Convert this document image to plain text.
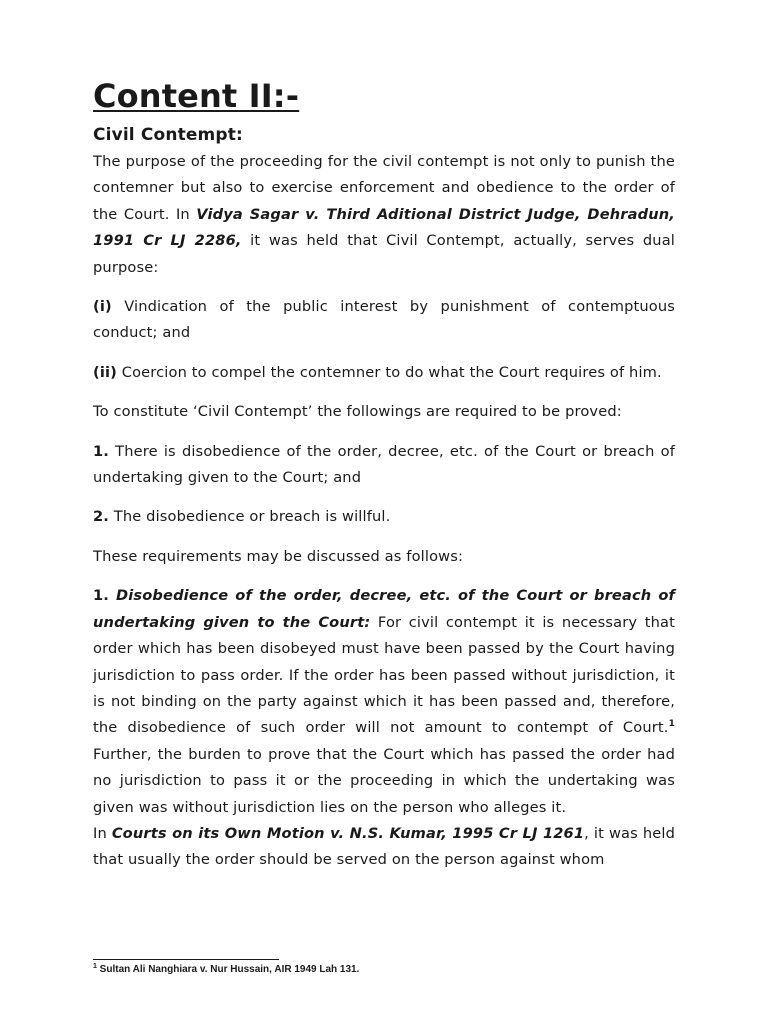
Content II:-
Civil Contempt:

The purpose of the proceeding for the civil contempt is not only to punish the contemner but also to exercise enforcement and obedience to the order of the Court. In Vidya Sagar v. Third Aditional District Judge, Dehradun, 1991 Cr LJ 2286, it was held that Civil Contempt, actually, serves dual purpose:

(i) Vindication of the public interest by punishment of contemptuous conduct; and

(ii) Coercion to compel the contemner to do what the Court requires of him.

To constitute ‘Civil Contempt’ the followings are required to be proved:

1. There is disobedience of the order, decree, etc. of the Court or breach of undertaking given to the Court; and

2. The disobedience or breach is willful.

These requirements may be discussed as follows:

1. Disobedience of the order, decree, etc. of the Court or breach of undertaking given to the Court: For civil contempt it is necessary that order which has been disobeyed must have been passed by the Court having jurisdiction to pass order. If the order has been passed without jurisdiction, it is not binding on the party against which it has been passed and, therefore, the disobedience of such order will not amount to contempt of Court.$^1$ Further, the burden to prove that the Court which has passed the order had no jurisdiction to pass it or the proceeding in which the undertaking was given was without jurisdiction lies on the person who alleges it.

In Courts on its Own Motion v. N.S. Kumar, 1995 Cr LJ 1261, it was held that usually the order should be served on the person against whom

$^1$ Sultan Ali Nanghiara v. Nur Hussain, AIR 1949 Lah 131.
